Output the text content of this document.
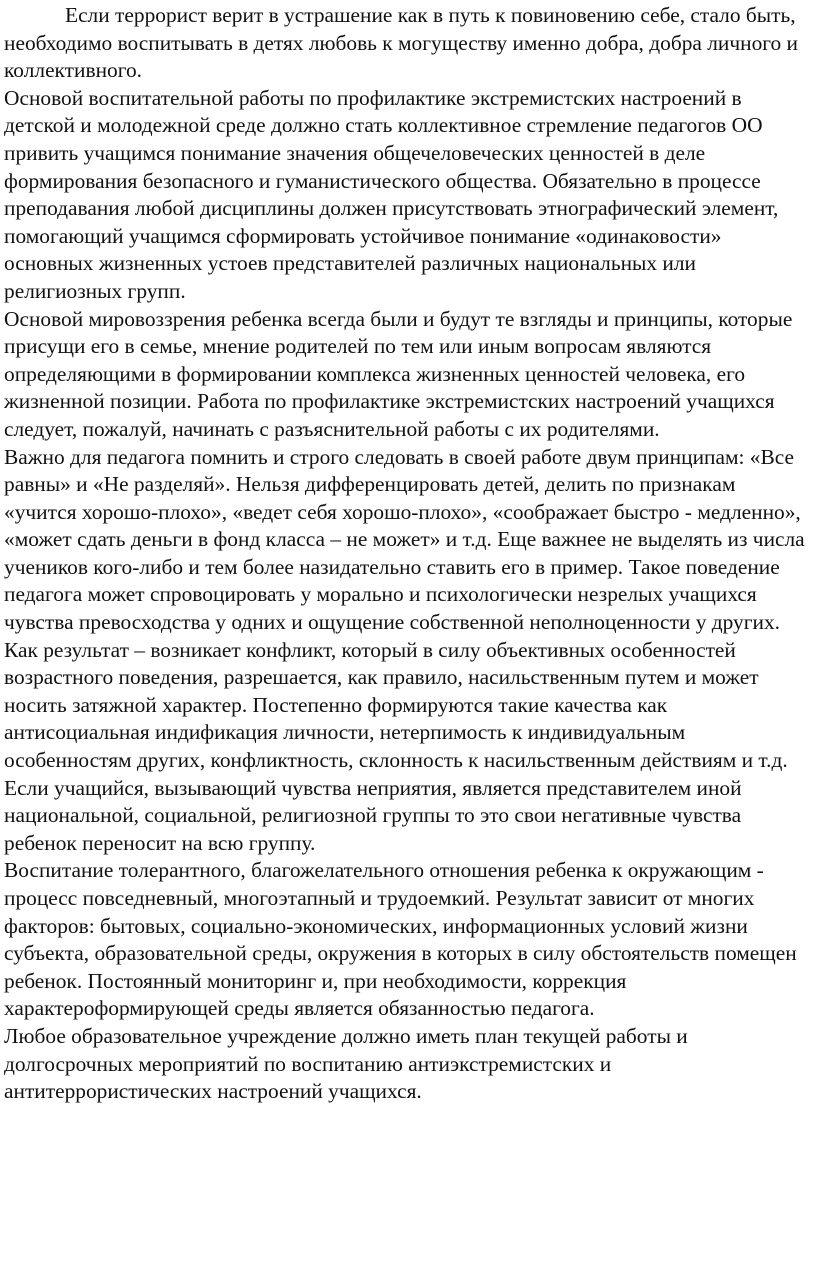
Если террорист верит в устрашение как в путь к повиновению себе, стало быть, необходимо воспитывать в детях любовь к могуществу именно добра, добра личного и коллективного.

Основой воспитательной работы по профилактике экстремистских настроений в детской и молодежной среде должно стать коллективное стремление педагогов ОО привить учащимся понимание значения общечеловеческих ценностей в деле формирования безопасного и гуманистического общества. Обязательно в процессе преподавания любой дисциплины должен присутствовать этнографический элемент, помогающий учащимся сформировать устойчивое понимание «одинаковости» основных жизненных устоев представителей различных национальных или религиозных групп.

Основой мировоззрения ребенка всегда были и будут те взгляды и принципы, которые присущи его в семье, мнение родителей по тем или иным вопросам являются определяющими в формировании комплекса жизненных ценностей человека, его жизненной позиции. Работа по профилактике экстремистских настроений учащихся следует, пожалуй, начинать с разъяснительной работы с их родителями.

Важно для педагога помнить и строго следовать в своей работе двум принципам: «Все равны» и «Не разделяй». Нельзя дифференцировать детей, делить по признакам «учится хорошо-плохо», «ведет себя хорошо-плохо», «соображает быстро - медленно», «может сдать деньги в фонд класса – не может» и т.д. Еще важнее не выделять из числа учеников кого-либо и тем более назидательно ставить его в пример. Такое поведение педагога может спровоцировать у морально и психологически незрелых учащихся чувства превосходства у одних и ощущение собственной неполноценности у других. Как результат – возникает конфликт, который в силу объективных особенностей возрастного поведения, разрешается, как правило, насильственным путем и может носить затяжной характер. Постепенно формируются такие качества как антисоциальная индификация личности, нетерпимость к индивидуальным особенностям других, конфликтность, склонность к насильственным действиям и т.д. Если учащийся, вызывающий чувства неприятия, является представителем иной национальной, социальной, религиозной группы то это свои негативные чувства ребенок переносит на всю группу.

Воспитание толерантного, благожелательного отношения ребенка к окружающим - процесс повседневный, многоэтапный и трудоемкий. Результат зависит от многих факторов: бытовых, социально-экономических, информационных условий жизни субъекта, образовательной среды, окружения в которых в силу обстоятельств помещен ребенок. Постоянный мониторинг и, при необходимости, коррекция характероформирующей среды является обязанностью педагога.

Любое образовательное учреждение должно иметь план текущей работы и долгосрочных мероприятий по воспитанию антиэкстремистских и антитеррористических настроений учащихся.
